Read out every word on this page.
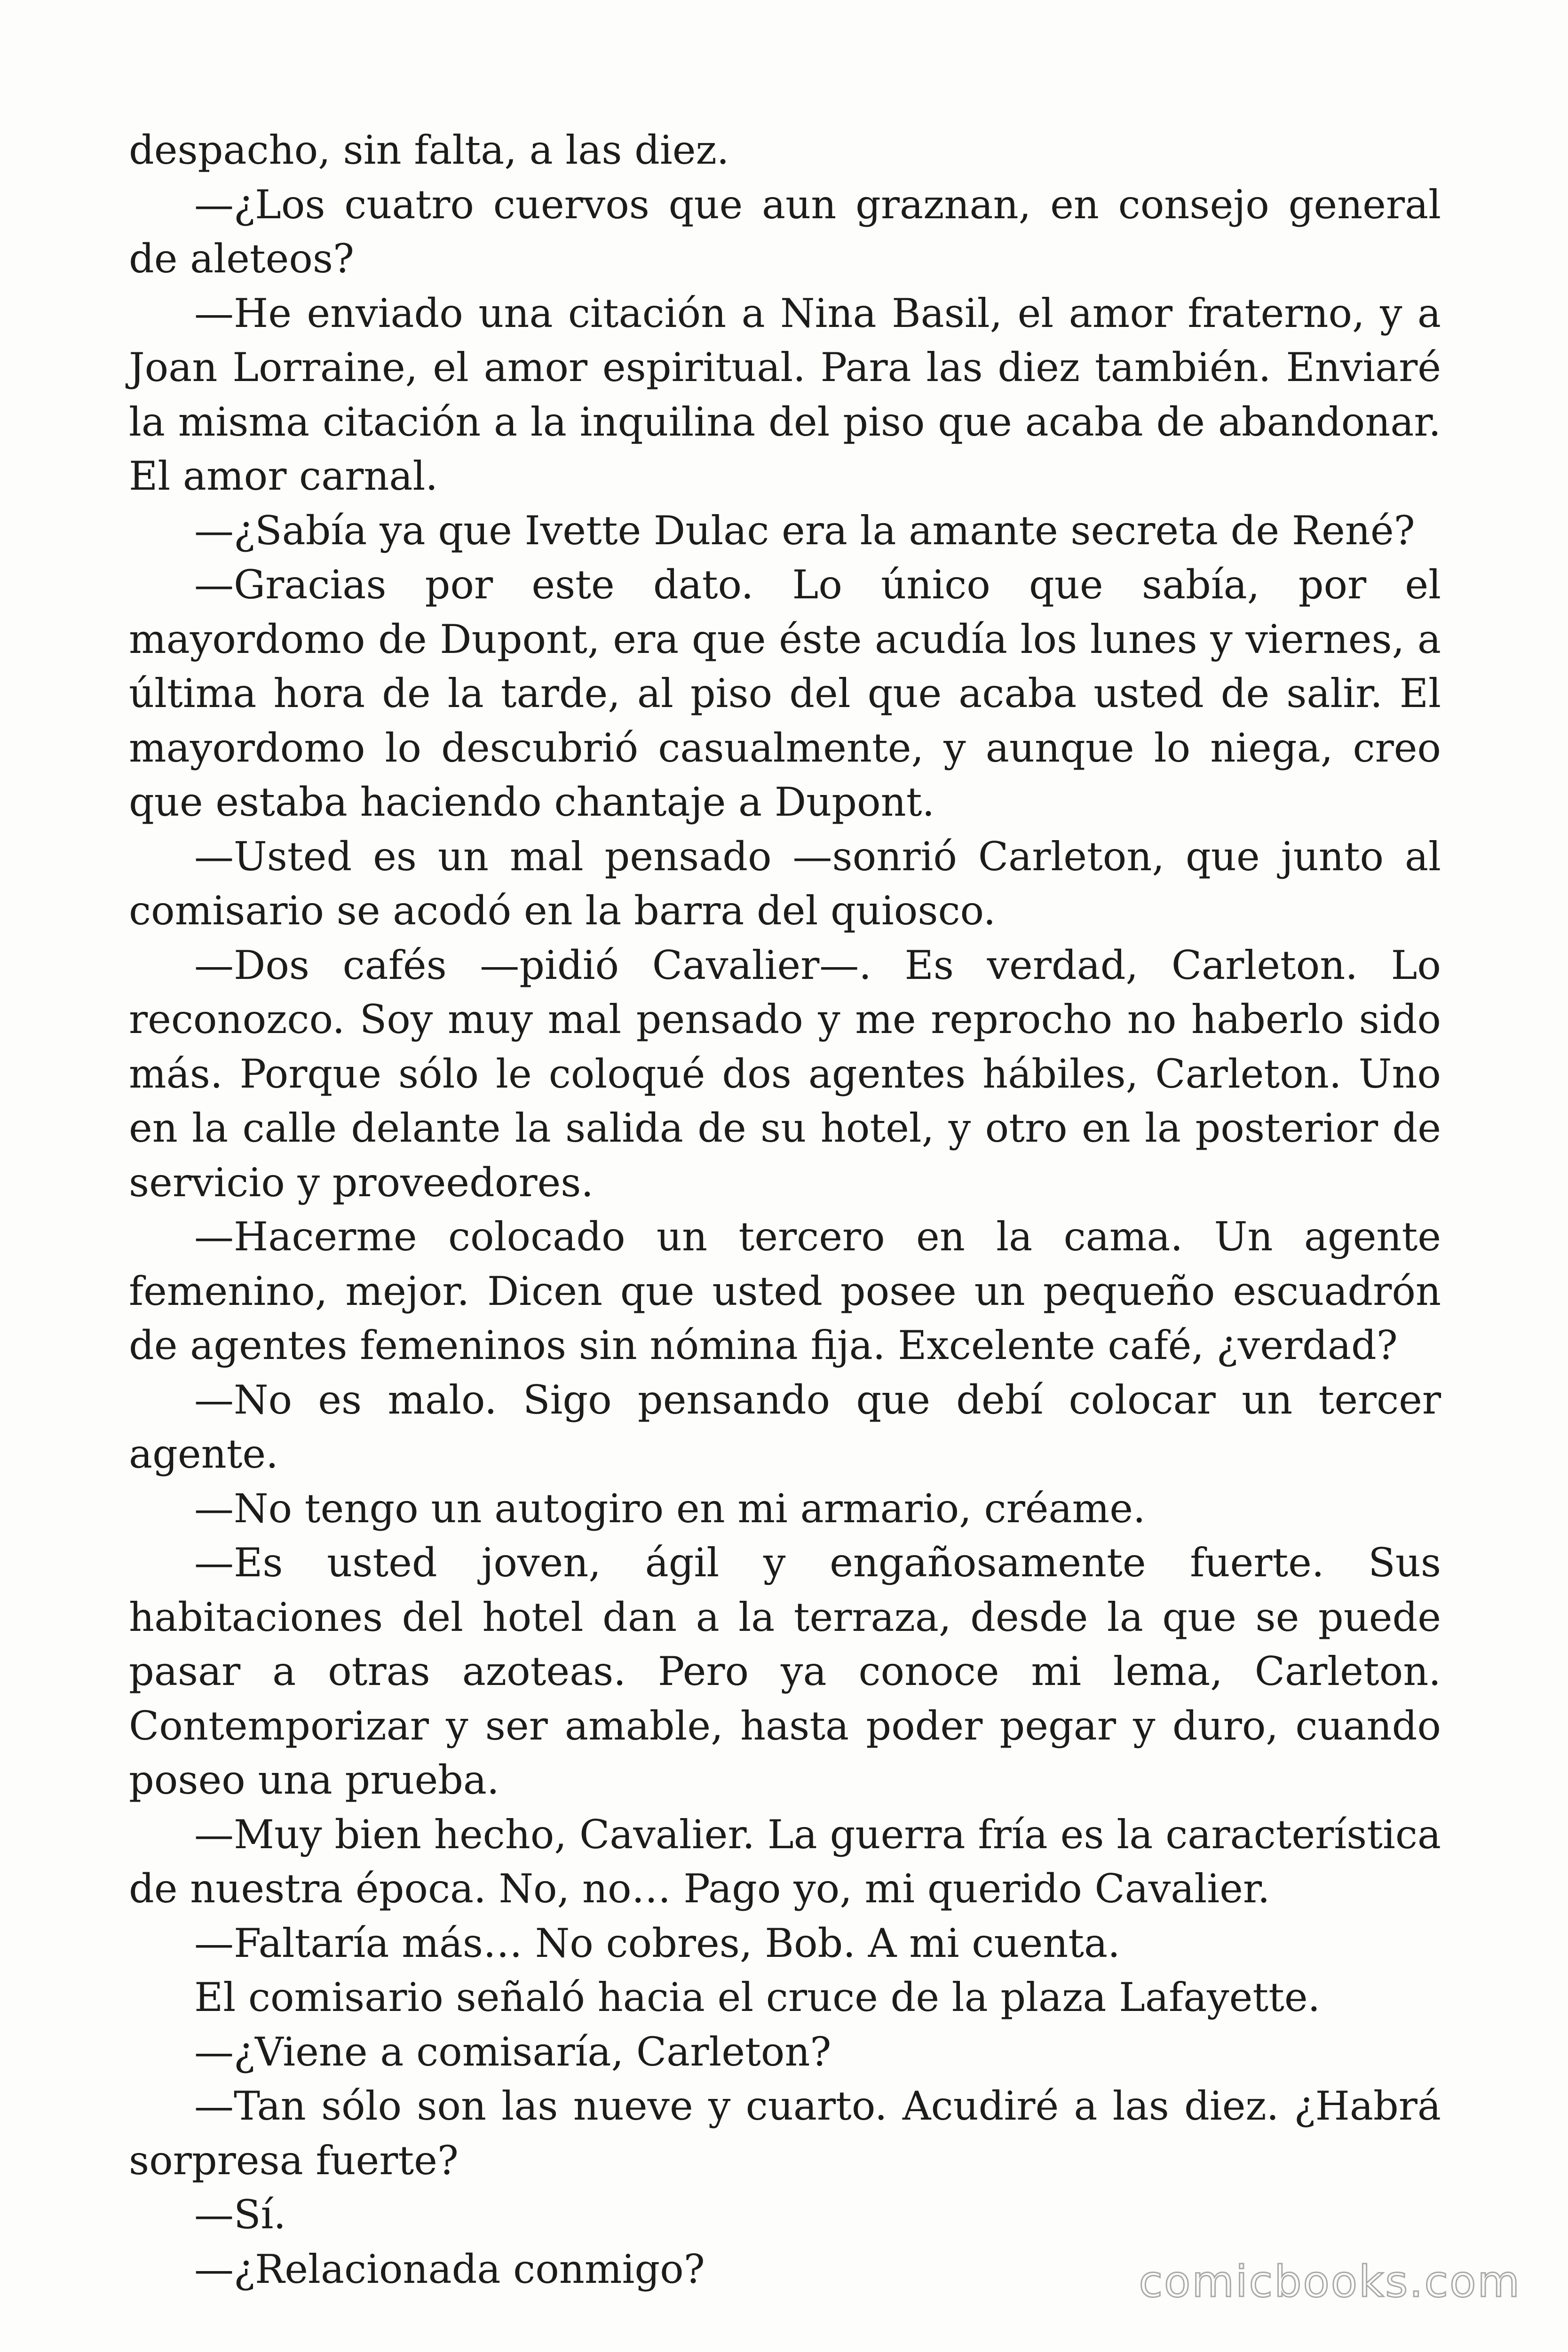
despacho, sin falta, a las diez.

—¿Los cuatro cuervos que aun graznan, en consejo general de aleteos?

—He enviado una citación a Nina Basil, el amor fraterno, y a Joan Lorraine, el amor espiritual. Para las diez también. Enviaré la misma citación a la inquilina del piso que acaba de abandonar. El amor carnal.

—¿Sabía ya que Ivette Dulac era la amante secreta de René?

—Gracias por este dato. Lo único que sabía, por el mayordomo de Dupont, era que éste acudía los lunes y viernes, a última hora de la tarde, al piso del que acaba usted de salir. El mayordomo lo descubrió casualmente, y aunque lo niega, creo que estaba haciendo chantaje a Dupont.

—Usted es un mal pensado —sonrió Carleton, que junto al comisario se acodó en la barra del quiosco.

—Dos cafés —pidió Cavalier—. Es verdad, Carleton. Lo reconozco. Soy muy mal pensado y me reprocho no haberlo sido más. Porque sólo le coloqué dos agentes hábiles, Carleton. Uno en la calle delante la salida de su hotel, y otro en la posterior de servicio y proveedores.

—Hacerme colocado un tercero en la cama. Un agente femenino, mejor. Dicen que usted posee un pequeño escuadrón de agentes femeninos sin nómina fija. Excelente café, ¿verdad?

—No es malo. Sigo pensando que debí colocar un tercer agente.

—No tengo un autogiro en mi armario, créame.

—Es usted joven, ágil y engañosamente fuerte. Sus habitaciones del hotel dan a la terraza, desde la que se puede pasar a otras azoteas. Pero ya conoce mi lema, Carleton. Contemporizar y ser amable, hasta poder pegar y duro, cuando poseo una prueba.

—Muy bien hecho, Cavalier. La guerra fría es la característica de nuestra época. No, no… Pago yo, mi querido Cavalier.

—Faltaría más… No cobres, Bob. A mi cuenta.

El comisario señaló hacia el cruce de la plaza Lafayette.

—¿Viene a comisaría, Carleton?

—Tan sólo son las nueve y cuarto. Acudiré a las diez. ¿Habrá sorpresa fuerte?

—Sí.

—¿Relacionada conmigo?	comicbooks.com
